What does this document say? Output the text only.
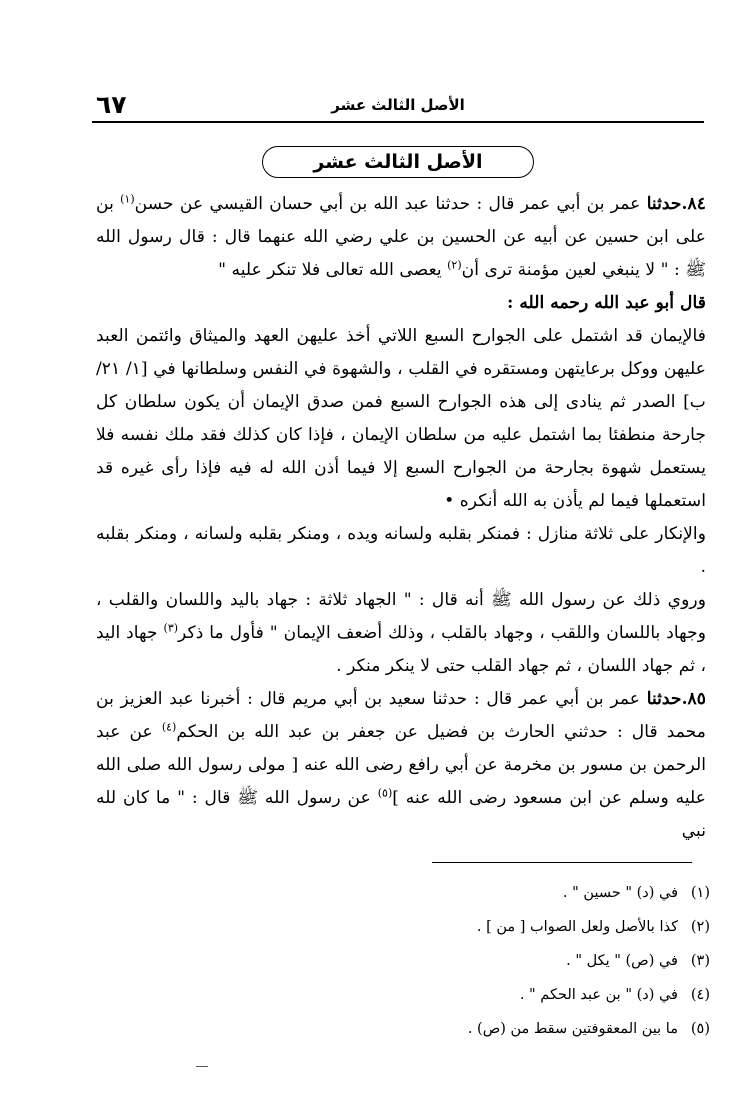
٦٧	الأصل الثالث عشر
الأصل الثالث عشر

٨٤.حدثنا عمر بن أبي عمر قال : حدثنا عبد الله بن أبي حسان القيسي عن حسن$^{(١)}$ بن على ابن حسين عن أبيه عن الحسين بن علي رضي الله عنهما قال : قال رسول الله ﷺ : " لا ينبغي لعين مؤمنة ترى أن$^{(٢)}$ يعصى الله تعالى فلا تنكر عليه "

قال أبو عبد الله رحمه الله :

فالإيمان قد اشتمل على الجوارح السبع اللاتي أخذ عليهن العهد والميثاق وائتمن العبد عليهن ووكل برعايتهن ومستقره في القلب ، والشهوة في النفس وسلطانها في [١/ ٢١/ب] الصدر ثم ينادى إلى هذه الجوارح السبع فمن صدق الإيمان أن يكون سلطان كل جارحة منطفئا بما اشتمل عليه من سلطان الإيمان ، فإذا كان كذلك فقد ملك نفسه فلا يستعمل شهوة بجارحة من الجوارح السبع إلا فيما أذن الله له فيه فإذا رأى غيره قد استعملها فيما لم يأذن به الله أنكره •

والإنكار على ثلاثة منازل : فمنكر بقلبه ولسانه ويده ، ومنكر بقلبه ولسانه ، ومنكر بقلبه .

وروي ذلك عن رسول الله ﷺ أنه قال : " الجهاد ثلاثة : جهاد باليد واللسان والقلب ، وجهاد باللسان واللقب ، وجهاد بالقلب ، وذلك أضعف الإيمان " فأول ما ذكر$^{(٣)}$ جهاد اليد ، ثم جهاد اللسان ، ثم جهاد القلب حتى لا ينكر منكر .

٨٥.حدثنا عمر بن أبي عمر قال : حدثنا سعيد بن أبي مريم قال : أخبرنا عبد العزيز بن محمد قال : حدثني الحارث بن فضيل عن جعفر بن عبد الله بن الحكم$^{(٤)}$ عن عبد الرحمن بن مسور بن مخرمة عن أبي رافع رضى الله عنه [ مولى رسول الله صلى الله عليه وسلم عن ابن مسعود رضى الله عنه ]$^{(٥)}$ عن رسول الله ﷺ قال : " ما كان لله نبي

(١)في (د) " حسين " .
(٢)كذا بالأصل ولعل الصواب [ من ] .
(٣)في (ص) " يكل " .
(٤)في (د) " بن عبد الحكم " .
(٥)ما بين المعقوفتين سقط من (ص) .
